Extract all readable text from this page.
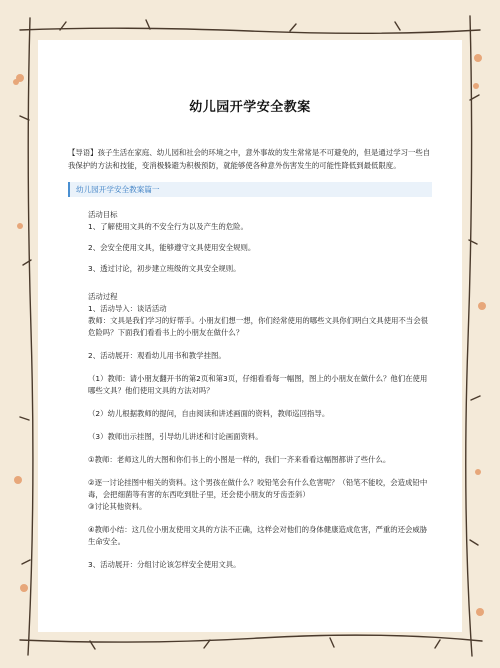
幼儿园开学安全教案
【导语】孩子生活在家庭、幼儿园和社会的环境之中，意外事故的发生常常是不可避免的，但是通过学习一些自我保护的方法和技能，变消极躲避为积极预防，就能够使各种意外伤害发生的可能性降低到最低限度。
幼儿园开学安全教案篇一

活动目标

1、了解使用文具的不安全行为以及产生的危险。

2、会安全使用文具，能够遵守文具使用安全规则。

3、透过讨论，初步建立班级的文具安全规则。

活动过程

1、活动导入：谈话活动

教师：文具是我们学习的好帮手。小朋友们想一想，你们经常使用的哪些文具你们明白文具使用不当会很危险吗？下面我们看看书上的小朋友在做什么？

2、活动展开：观看幼儿用书和教学挂图。

（1）教师：请小朋友翻开书的第2页和第3页，仔细看看每一幅图，图上的小朋友在做什么？他们在使用哪些文具？他们使用文具的方法对吗？

（2）幼儿根据教师的提问，自由阅读和讲述画面的资料，教师巡回指导。

（3）教师出示挂图，引导幼儿讲述和讨论画面资料。

①教师：老师这儿的大图和你们书上的小图是一样的，我们一齐来看看这幅图都讲了些什么。

②逐一讨论挂图中相关的资料。这个男孩在做什么？咬铅笔会有什么危害呢？（铅笔不能咬，会造成铅中毒，会把细菌等有害的东西吃到肚子里，还会使小朋友的牙齿歪斜）

③讨论其他资料。

④教师小结：这几位小朋友使用文具的方法不正确，这样会对他们的身体健康造成危害，严重的还会威胁生命安全。

3、活动展开：分组讨论该怎样安全使用文具。
